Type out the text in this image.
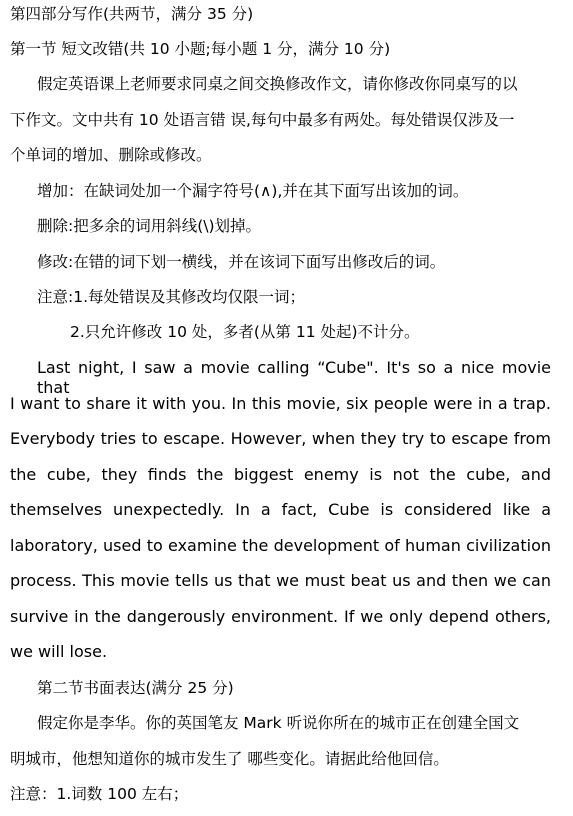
第四部分写作(共两节，满分 35 分)
第一节 短文改错(共 10 小题;每小题 1 分，满分 10 分)
假定英语课上老师要求同桌之间交换修改作文，请你修改你同桌写的以
下作文。文中共有 10 处语言错 误,每句中最多有两处。每处错误仅涉及一
个单词的增加、删除或修改。
增加：在缺词处加一个漏字符号(∧),并在其下面写出该加的词。
删除:把多余的词用斜线(\)划掉。
修改:在错的词下划一横线，并在该词下面写出修改后的词。
注意:1.每处错误及其修改均仅限一词；
2.只允许修改 10 处，多者(从第 11 处起)不计分。
Last night, I saw a movie calling “Cube". It's so a nice movie that
I want to share it with you. In this movie, six people were in a trap.
Everybody tries to escape. However, when they try to escape from
the cube, they finds the biggest enemy is not the cube, and
themselves unexpectedly. In a fact, Cube is considered like a
laboratory, used to examine the development of human civilization
process. This movie tells us that we must beat us and then we can
survive in the dangerously environment. If we only depend others,
we will lose.
第二节书面表达(满分 25 分)
假定你是李华。你的英国笔友 Mark 听说你所在的城市正在创建全国文
明城市，他想知道你的城市发生了 哪些变化。请据此给他回信。
注意：1.词数 100 左右；
